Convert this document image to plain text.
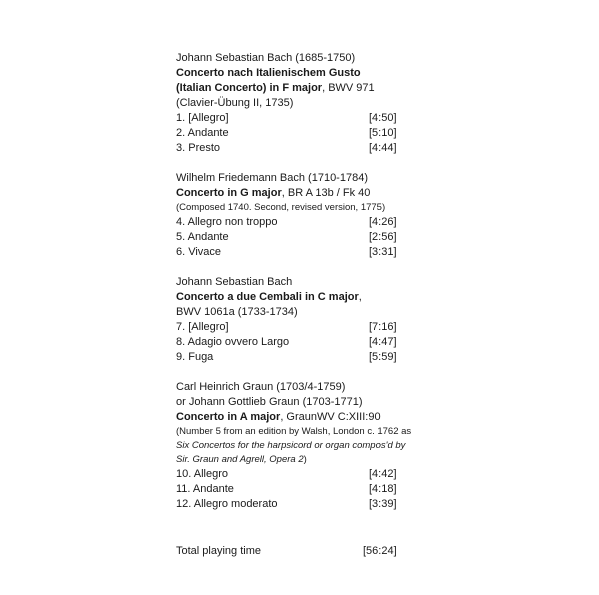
Johann Sebastian Bach (1685-1750)
Concerto nach Italienischem Gusto
(Italian Concerto) in F major, BWV 971
(Clavier-Übung II, 1735)
1. [Allegro]	[4:50]
2. Andante	[5:10]
3. Presto	[4:44]
Wilhelm Friedemann Bach (1710-1784)
Concerto in G major, BR A 13b / Fk 40
(Composed 1740. Second, revised version, 1775)
4. Allegro non troppo	[4:26]
5. Andante	[2:56]
6. Vivace	[3:31]
Johann Sebastian Bach
Concerto a due Cembali in C major,
BWV 1061a (1733-1734)
7. [Allegro]	[7:16]
8. Adagio ovvero Largo	[4:47]
9. Fuga	[5:59]
Carl Heinrich Graun (1703/4-1759)
or Johann Gottlieb Graun (1703-1771)
Concerto in A major, GraunWV C:XIII:90
(Number 5 from an edition by Walsh, London c. 1762 as
Six Concertos for the harpsicord or organ compos'd by
Sir. Graun and Agrell, Opera 2)
10. Allegro	[4:42]
11. Andante	[4:18]
12. Allegro moderato	[3:39]
Total playing time	[56:24]
